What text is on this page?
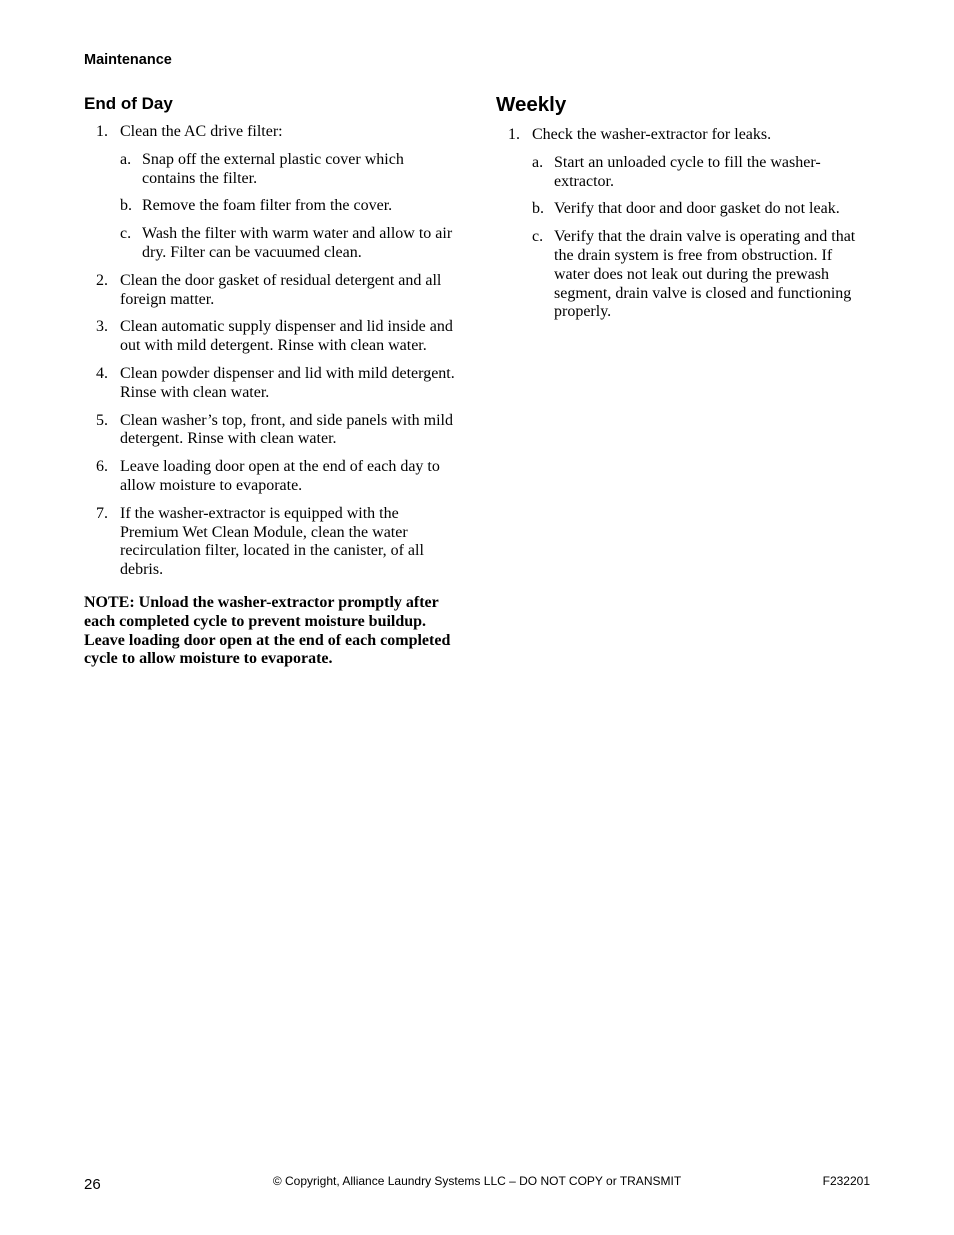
Maintenance
End of Day
1. Clean the AC drive filter:
a. Snap off the external plastic cover which contains the filter.
b. Remove the foam filter from the cover.
c. Wash the filter with warm water and allow to air dry. Filter can be vacuumed clean.
2. Clean the door gasket of residual detergent and all foreign matter.
3. Clean automatic supply dispenser and lid inside and out with mild detergent. Rinse with clean water.
4. Clean powder dispenser and lid with mild detergent. Rinse with clean water.
5. Clean washer’s top, front, and side panels with mild detergent. Rinse with clean water.
6. Leave loading door open at the end of each day to allow moisture to evaporate.
7. If the washer-extractor is equipped with the Premium Wet Clean Module, clean the water recirculation filter, located in the canister, of all debris.
NOTE: Unload the washer-extractor promptly after each completed cycle to prevent moisture buildup. Leave loading door open at the end of each completed cycle to allow moisture to evaporate.
Weekly
1. Check the washer-extractor for leaks.
a. Start an unloaded cycle to fill the washer-extractor.
b. Verify that door and door gasket do not leak.
c. Verify that the drain valve is operating and that the drain system is free from obstruction. If water does not leak out during the prewash segment, drain valve is closed and functioning properly.
26	© Copyright, Alliance Laundry Systems LLC – DO NOT COPY or TRANSMIT	F232201
